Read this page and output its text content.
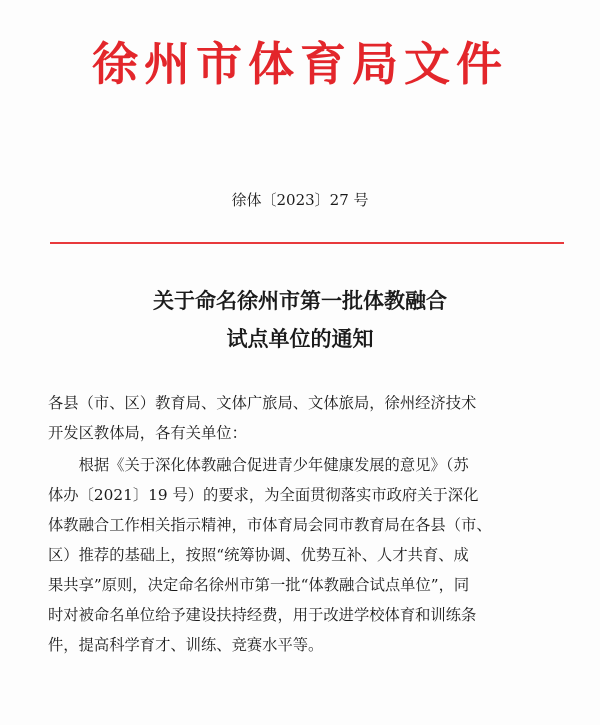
徐州市体育局文件
徐体〔2023〕27 号
关于命名徐州市第一批体教融合
试点单位的通知
各县（市、区）教育局、文体广旅局、文体旅局，徐州经济技术
开发区教体局，各有关单位：
　　根据《关于深化体教融合促进青少年健康发展的意见》（苏
体办〔2021〕19 号）的要求，为全面贯彻落实市政府关于深化
体教融合工作相关指示精神，市体育局会同市教育局在各县（市、
区）推荐的基础上，按照“统筹协调、优势互补、人才共育、成
果共享”原则，决定命名徐州市第一批“体教融合试点单位”，同
时对被命名单位给予建设扶持经费，用于改进学校体育和训练条
件，提高科学育才、训练、竞赛水平等。
